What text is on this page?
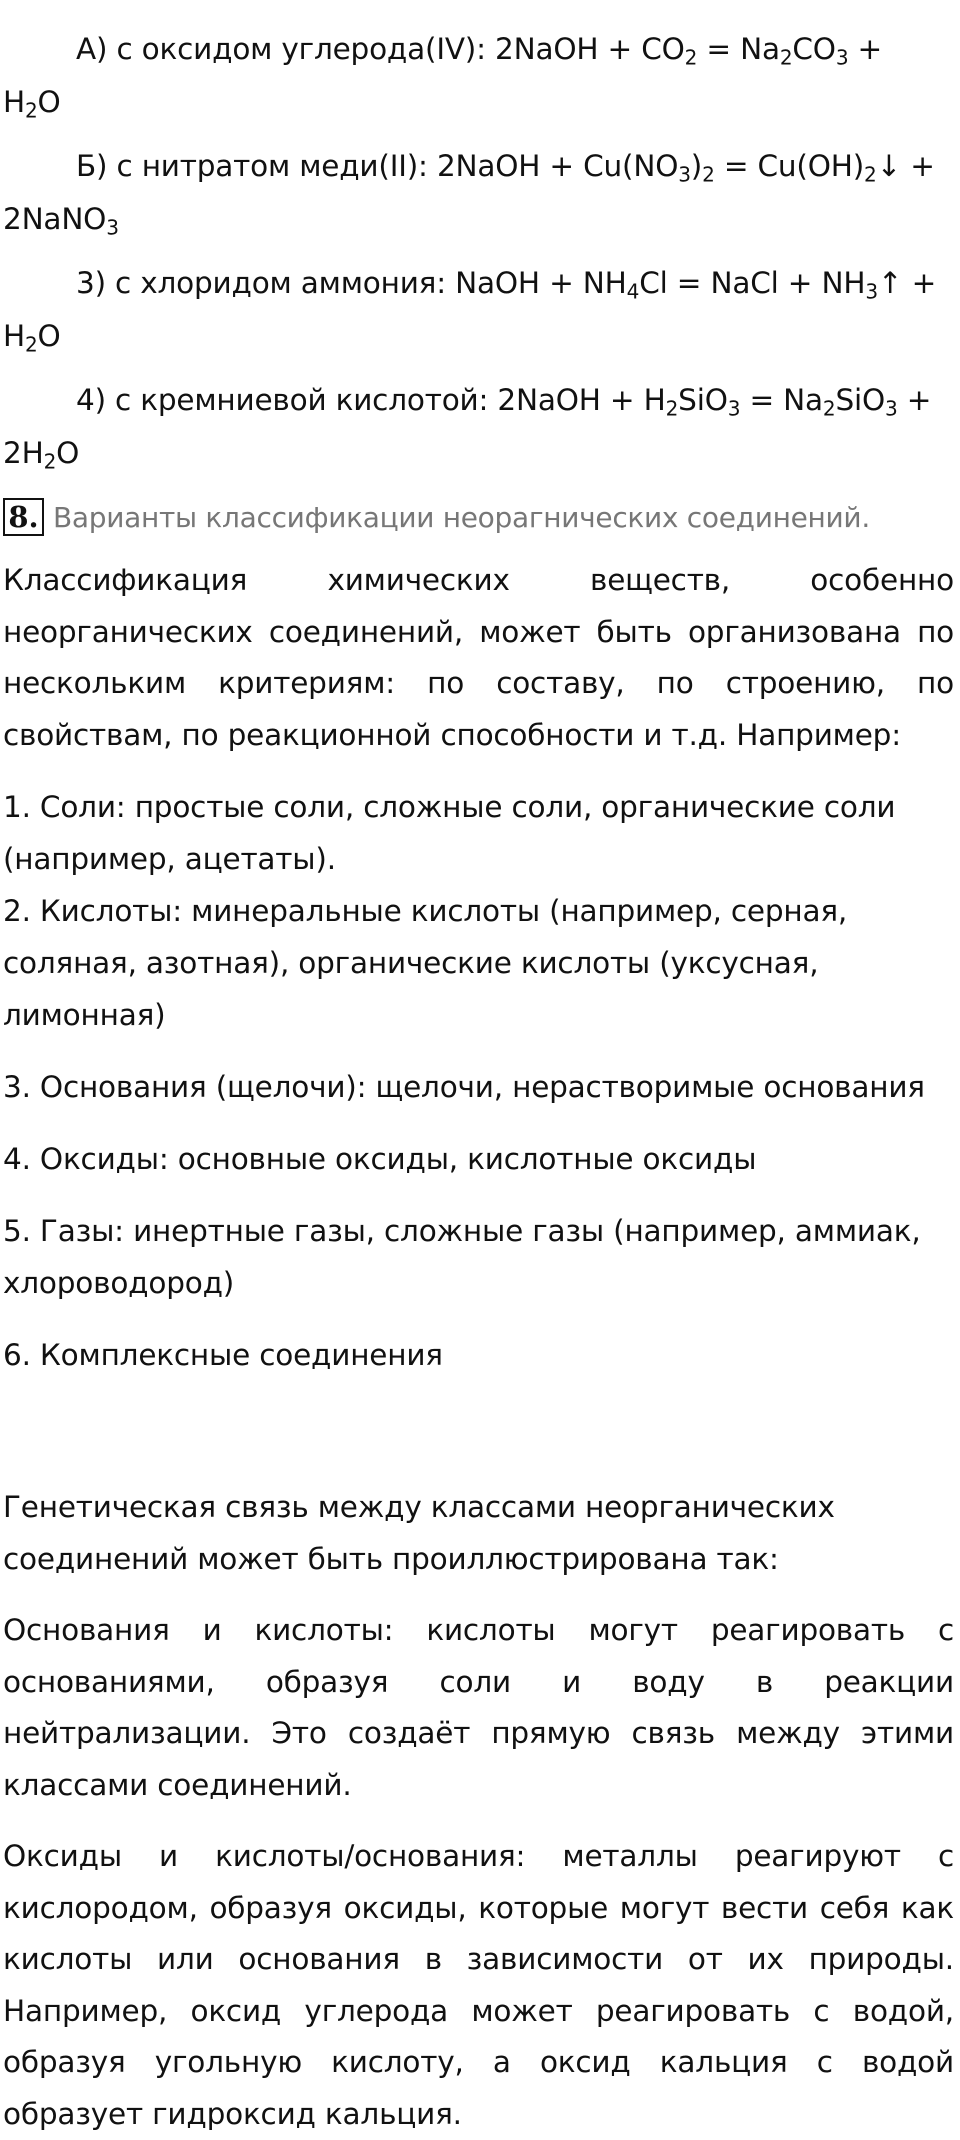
А) с оксидом углерода(IV): 2NaOH + $CO_2 = Na_2CO_3 + H_2O$

Б) с нитратом меди(II): 2NaOH + $Cu(NO_3)_2$ = $Cu(OH)_2↓$ + 2NaNO$_3$

3) с хлоридом аммония: NaOH + $NH_4Cl$ = NaCl + $NH_3↑ + H_2O$

4) с кремниевой кислотой: 2NaOH + $H_2SiO_3 = Na_2SiO_3 + 2H_2O$

8. Варианты классификации неорагнических соединений.

Классификация химических веществ, особенно неорганических соединений, может быть организована по нескольким критериям: по составу, по строению, по свойствам, по реакционной способности и т.д. Например:

1. Соли: простые соли, сложные соли, органические соли (например, ацетаты).

2. Кислоты: минеральные кислоты (например, серная, соляная, азотная), органические кислоты (уксусная, лимонная)

3. Основания (щелочи): щелочи, нерастворимые основания

4. Оксиды: основные оксиды, кислотные оксиды

5. Газы: инертные газы, сложные газы (например, аммиак, хлороводород)

6. Комплексные соединения

Генетическая связь между классами неорганических соединений может быть проиллюстрирована так:

Основания и кислоты: кислоты могут реагировать с основаниями, образуя соли и воду в реакции нейтрализации. Это создаёт прямую связь между этими классами соединений.

Оксиды и кислоты/основания: металлы реагируют с кислородом, образуя оксиды, которые могут вести себя как кислоты или основания в зависимости от их природы. Например, оксид углерода может реагировать с водой, образуя угольную кислоту, а оксид кальция с водой образует гидроксид кальция.
